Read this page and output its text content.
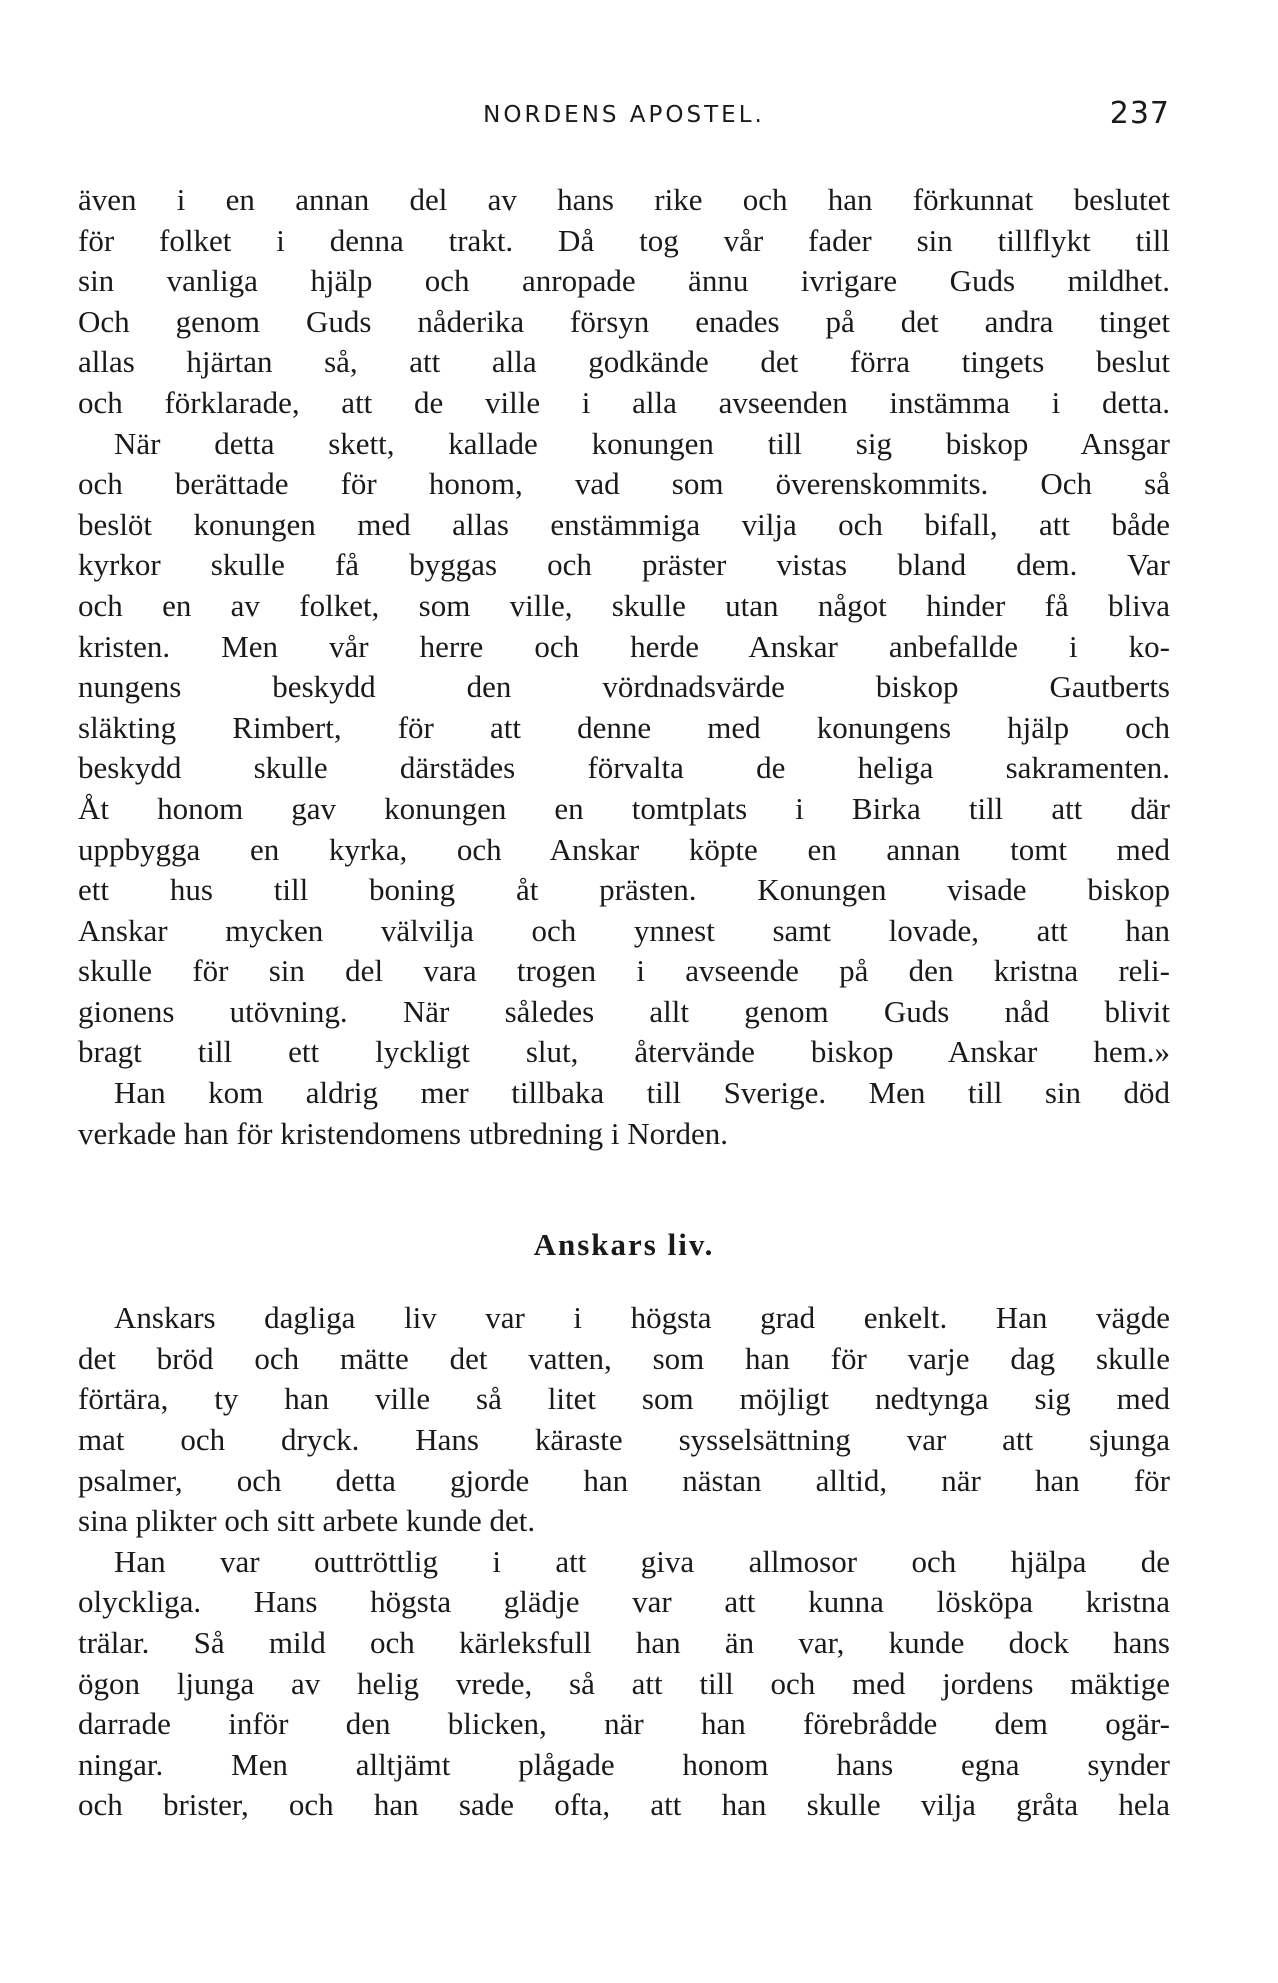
NORDENS APOSTEL.	237
även i en annan del av hans rike och han förkunnat beslutet
för folket i denna trakt. Då tog vår fader sin tillflykt till
sin vanliga hjälp och anropade ännu ivrigare Guds mildhet.
Och genom Guds nåderika försyn enades på det andra tinget
allas hjärtan så, att alla godkände det förra tingets beslut
och förklarade, att de ville i alla avseenden instämma i detta.
När detta skett, kallade konungen till sig biskop Ansgar
och berättade för honom, vad som överenskommits. Och så
beslöt konungen med allas enstämmiga vilja och bifall, att både
kyrkor skulle få byggas och präster vistas bland dem. Var
och en av folket, som ville, skulle utan något hinder få bliva
kristen. Men vår herre och herde Anskar anbefallde i ko-
nungens beskydd den vördnadsvärde biskop Gautberts
släkting Rimbert, för att denne med konungens hjälp och
beskydd skulle därstädes förvalta de heliga sakramenten.
Åt honom gav konungen en tomtplats i Birka till att där
uppbygga en kyrka, och Anskar köpte en annan tomt med
ett hus till boning åt prästen. Konungen visade biskop
Anskar mycken välvilja och ynnest samt lovade, att han
skulle för sin del vara trogen i avseende på den kristna reli-
gionens utövning. När således allt genom Guds nåd blivit
bragt till ett lyckligt slut, återvände biskop Anskar hem.»
Han kom aldrig mer tillbaka till Sverige. Men till sin död
verkade han för kristendomens utbredning i Norden.
Anskars liv.
Anskars dagliga liv var i högsta grad enkelt. Han vägde
det bröd och mätte det vatten, som han för varje dag skulle
förtära, ty han ville så litet som möjligt nedtynga sig med
mat och dryck. Hans käraste sysselsättning var att sjunga
psalmer, och detta gjorde han nästan alltid, när han för
sina plikter och sitt arbete kunde det.
Han var outtröttlig i att giva allmosor och hjälpa de
olyckliga. Hans högsta glädje var att kunna lösköpa kristna
trälar. Så mild och kärleksfull han än var, kunde dock hans
ögon ljunga av helig vrede, så att till och med jordens mäktige
darrade inför den blicken, när han förebrådde dem ogär-
ningar. Men alltjämt plågade honom hans egna synder
och brister, och han sade ofta, att han skulle vilja gråta hela
